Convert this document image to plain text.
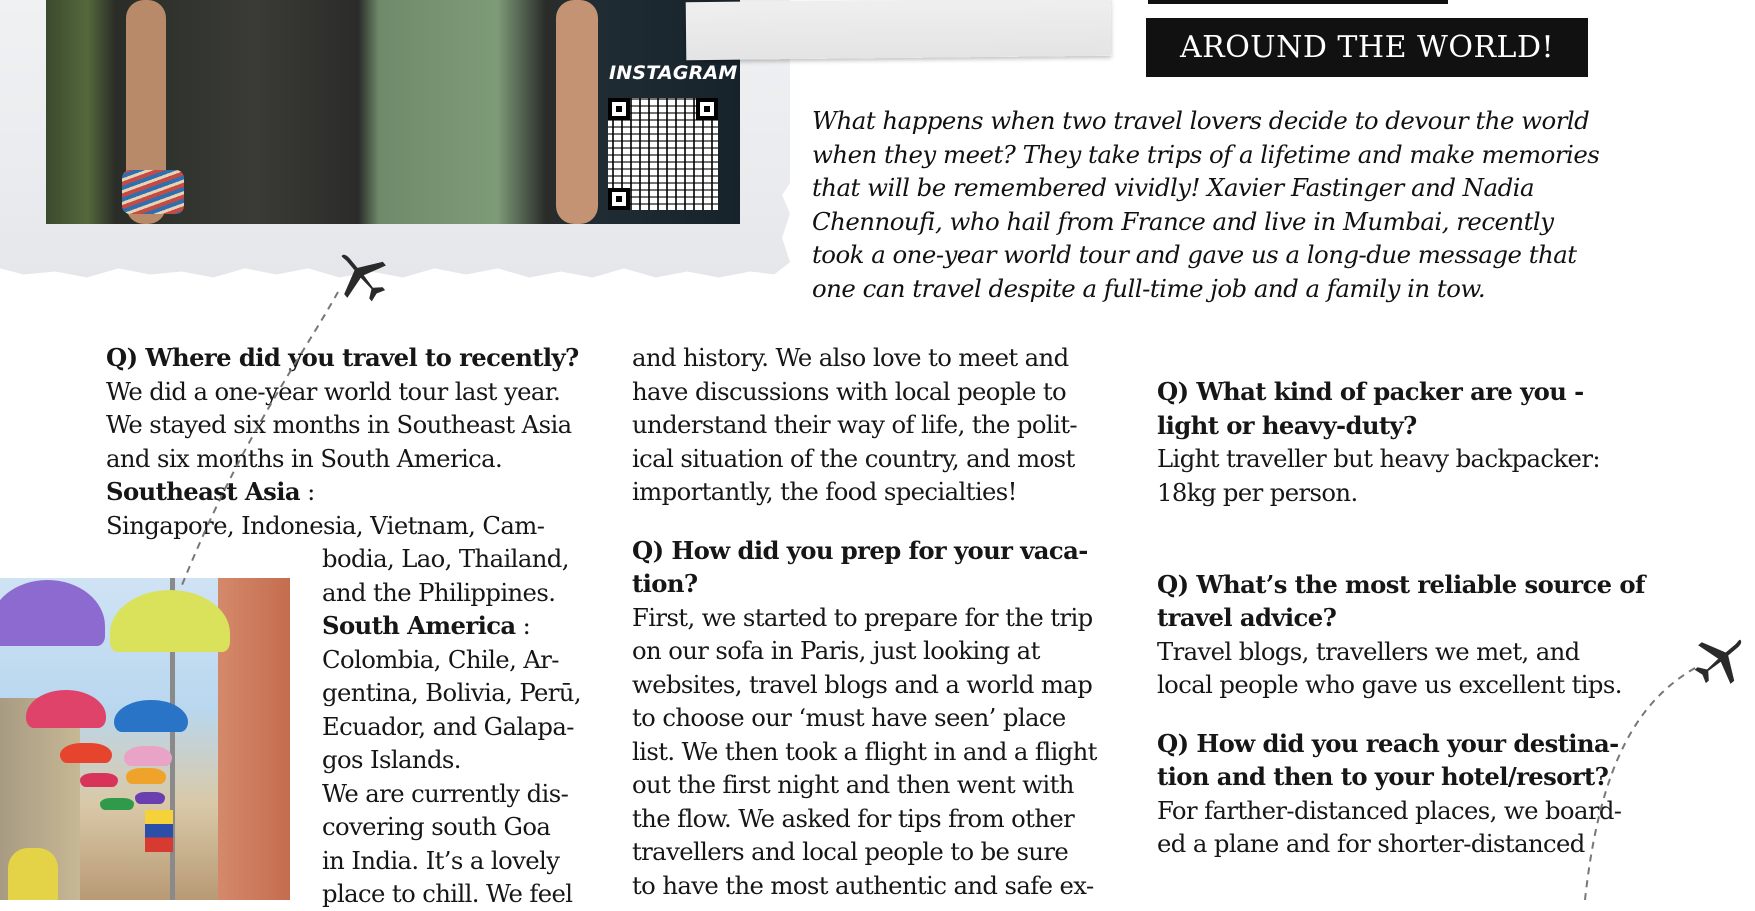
INSTAGRAM
AROUND THE WORLD!
What happens when two travel lovers decide to devour the world
when they meet? They take trips of a lifetime and make memories
that will be remembered vividly! Xavier Fastinger and Nadia
Chennoufi, who hail from France and live in Mumbai, recently
took a one-year world tour and gave us a long-due message that
one can travel despite a full-time job and a family in tow.
Q) Where did you travel to recently?
We did a one-year world tour last year.
We stayed six months in Southeast Asia
and six months in South America.
Southeast Asia :
Singapore, Indonesia, Vietnam, Cam-
bodia, Lao, Thailand,
and the Philippines.
South America :
Colombia, Chile, Ar-
gentina, Bolivia, Perū,
Ecuador, and Galapa-
gos Islands.
We are currently dis-
covering south Goa
in India. It’s a lovely
place to chill. We feel
and history. We also love to meet and
have discussions with local people to
understand their way of life, the polit-
ical situation of the country, and most
importantly, the food specialties!
Q) How did you prep for your vaca-
tion?
First, we started to prepare for the trip
on our sofa in Paris, just looking at
websites, travel blogs and a world map
to choose our ‘must have seen’ place
list. We then took a flight in and a flight
out the first night and then went with
the flow. We asked for tips from other
travellers and local people to be sure
to have the most authentic and safe ex-
Q) What kind of packer are you -
light or heavy-duty?
Light traveller but heavy backpacker:
18kg per person.
Q) What’s the most reliable source of
travel advice?
Travel blogs, travellers we met, and
local people who gave us excellent tips.
Q) How did you reach your destina-
tion and then to your hotel/resort?
For farther-distanced places, we board-
ed a plane and for shorter-distanced
